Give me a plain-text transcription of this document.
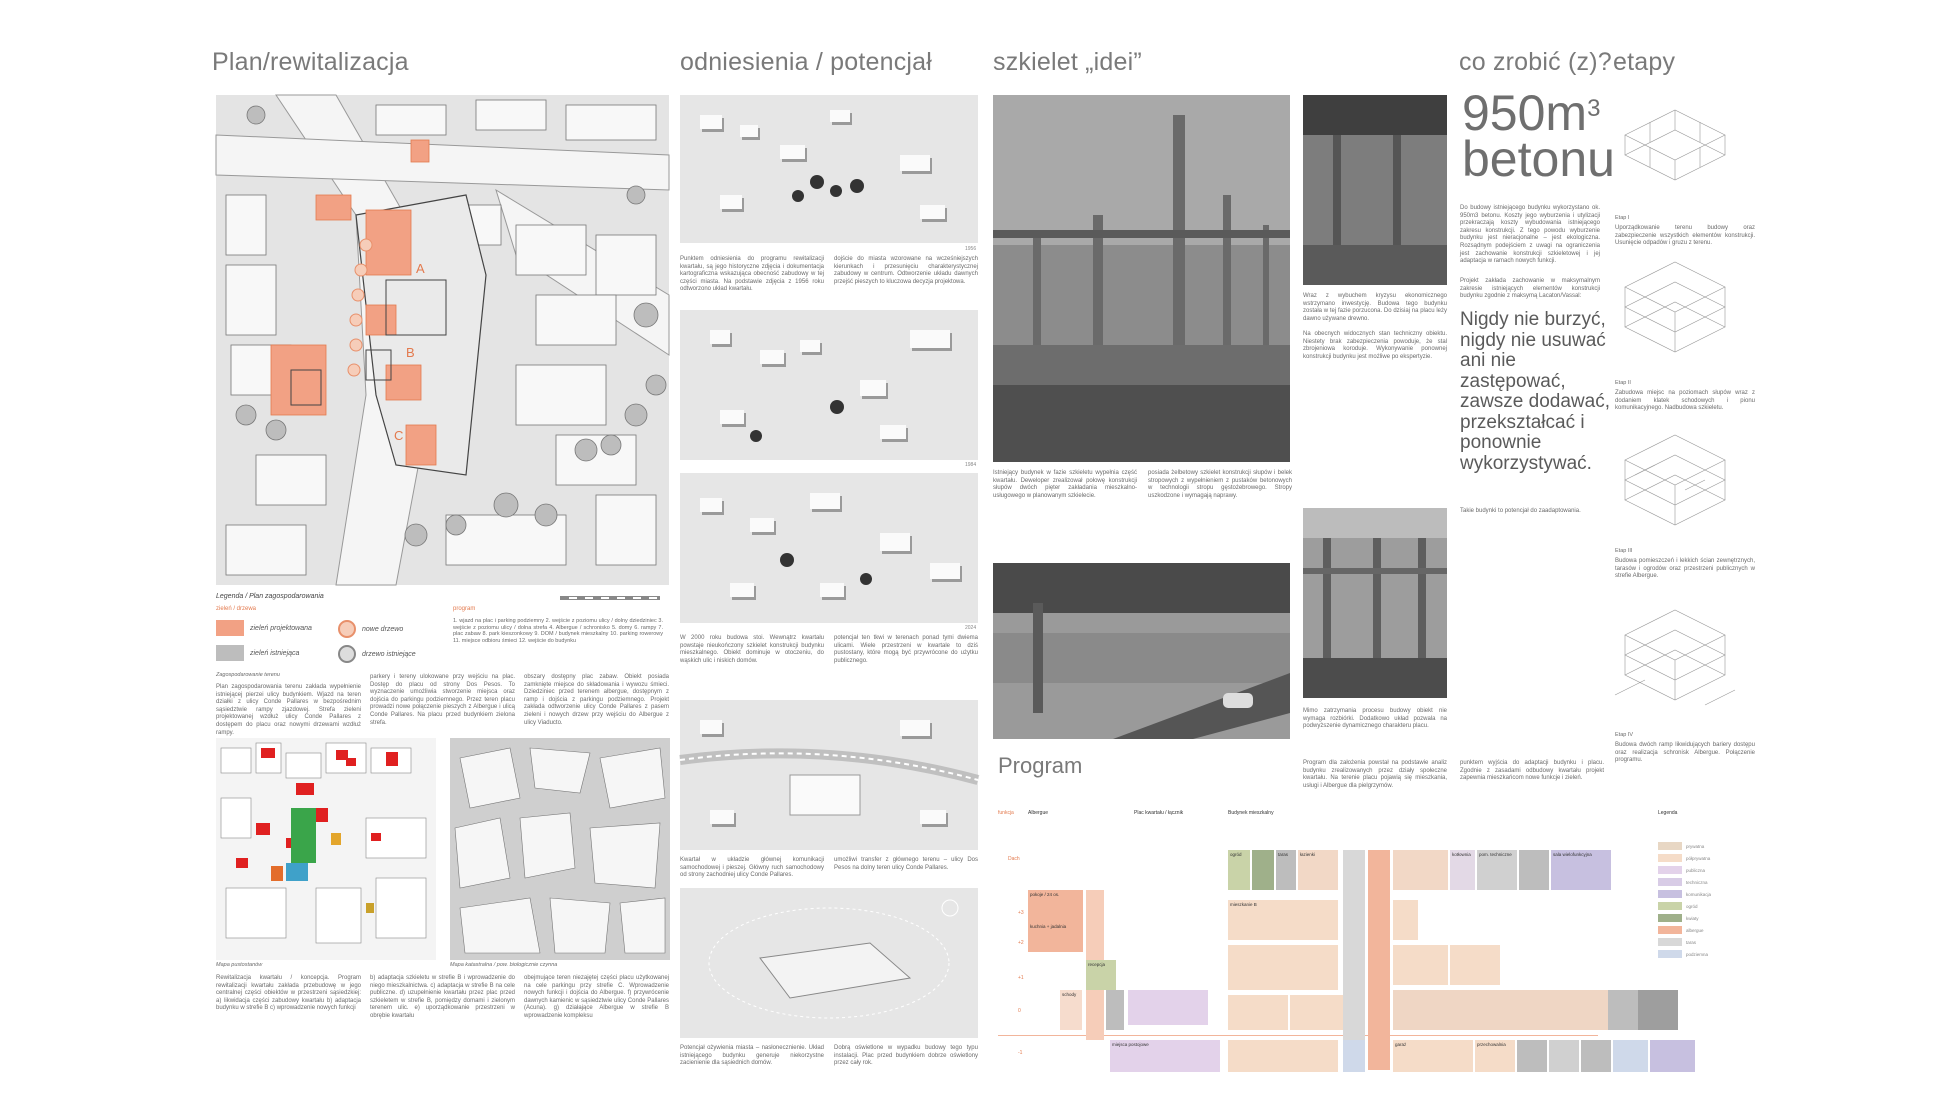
Plan/rewitalizacja	odniesienia / potencjał szkielet „idei”	co zrobić (z)? etapy
A
B
C
Legenda / Plan zagospodarowania
zieleń / drzewa	program
zieleń projektowana
zieleń istniejąca
nowe drzewo
drzewo istniejące
1. wjazd na plac i parking podziemny 2. wejście z poziomu ulicy / dolny dziedziniec 3. wejście z poziomu ulicy / dolna strefa 4. Albergue / schronisko 5. domy 6. rampy 7. plac zabaw 8. park kieszonkowy 9. DOM / budynek mieszkalny 10. parking rowerowy 11. miejsce odbioru śmieci 12. wejście do budynku
Zagospodarowanie terenu
Plan zagospodarowania terenu zakłada wypełnienie istniejącej pierzei ulicy budynkiem. Wjazd na teren działki z ulicy Conde Pallares w bezpośrednim sąsiedztwie rampy zjazdowej. Strefa zieleni projektowanej wzdłuż ulicy Conde Pallares z dostępem do placu oraz nowymi drzewami wzdłuż rampy.
parkery i tereny ulokowane przy wejściu na plac. Dostęp do placu od strony Dos Pesos. To wyznaczenie umożliwia stworzenie miejsca oraz dojścia do parkingu podziemnego. Przez teren placu prowadzi nowe połączenie pieszych z Albergue i ulicą Conde Pallares. Na placu przed budynkiem zielona strefa.
obszary dostępny plac zabaw. Obiekt posiada zamknięte miejsce do składowania i wywozu śmieci. Dziedziniec przed terenem albergue, dostępnym z ramp i dojścia z parkingu podziemnego. Projekt zakłada odtworzenie ulicy Conde Pallares z pasem zieleni i nowych drzew przy wejściu do Albergue z ulicy Viaducto.
Mapa pustostanów	Mapa katastralna / pow. biologicznie czynna
Rewitalizacja kwartału / koncepcja. Program rewitalizacji kwartału zakłada przebudowę w jego centralnej części obiektów w przestrzeni sąsiedzkiej: a) likwidacja części zabudowy kwartału b) adaptacja budynku w strefie B c) wprowadzenie nowych funkcji
b) adaptacja szkieletu w strefie B i wprowadzenie do niego mieszkalnictwa. c) adaptacja w strefie B na cele publiczne. d) uzupełnienie kwartału przez plac przed szkieletem w strefie B, pomiędzy domami i zielonym terenem ulic. e) uporządkowanie przestrzeni w obrębie kwartału
obejmujące teren niezajętej części placu użytkowanej na cele parkingu przy strefie C. Wprowadzenie nowych funkcji i dojścia do Albergue. f) przywrócenie dawnych kamienic w sąsiedztwie ulicy Conde Pallares (Acuna). g) działające Albergue w strefie B wprowadzenie kompleksu
1956
Punktem odniesienia do programu rewitalizacji kwartału, są jego historyczne zdjęcia i dokumentacja kartograficzna wskazująca obecność zabudowy w tej części miasta. Na podstawie zdjęcia z 1956 roku odtworzono układ kwartału.
dojście do miasta wzorowane na wcześniejszych kierunkach i przesunięciu charakterystycznej zabudowy w centrum. Odtworzenie układu dawnych przejść pieszych to kluczowa decyzja projektowa.
1984
2024
W 2000 roku budowa stoi. Wewnątrz kwartału powstaje nieukończony szkielet konstrukcji budynku mieszkalnego. Obiekt dominuje w otoczeniu, do wąskich ulic i niskich domów.
potencjał ten tkwi w terenach ponad tymi dwiema ulicami. Wiele przestrzeni w kwartale to dziś pustostany, które mogą być przywrócone do użytku publicznego.
Kwartał w układzie głównej komunikacji samochodowej i pieszej. Główny ruch samochodowy od strony zachodniej ulicy Conde Pallares.
umożliwi transfer z głównego terenu – ulicy Dos Pesos na dolny teren ulicy Conde Pallares.
Potencjał ożywienia miasta – nasłonecznienie. Układ istniejącego budynku generuje niekorzystne zacienienie dla sąsiednich domów.
Dobrą oświetlone w wypadku budowy tego typu instalacji. Plac przed budynkiem dobrze oświetlony przez cały rok.
Istniejący budynek w fazie szkieletu wypełnia część kwartału. Deweloper zrealizował połowę konstrukcji słupów dwóch pięter zakładania mieszkalno-usługowego w planowanym szkielecie.
posiada żelbetowy szkielet konstrukcji słupów i belek stropowych z wypełnieniem z pustaków betonowych w technologii stropu gęstożebrowego. Stropy uszkodzone i wymagają naprawy.
Wraz z wybuchem kryzysu ekonomicznego wstrzymano inwestycję. Budowa tego budynku została w tej fazie porzucona. Do dzisiaj na placu leży dawno używane drewno.

Na obecnych widocznych stan techniczny obiektu. Niestety brak zabezpieczenia powoduje, że stal zbrojeniowa koroduje. Wykonywanie ponownej konstrukcji budynku jest możliwe po ekspertyzie.
Mimo zatrzymania procesu budowy obiekt nie wymaga rozbiórki. Dodatkowo układ pozwala na podwyższenie dynamicznego charakteru placu.
$950m^3$
betonu
Do budowy istniejącego budynku wykorzystano ok. 950m3 betonu. Koszty jego wyburzenia i utylizacji przekraczają koszty wybudowania istniejącego zakresu konstrukcji. Z tego powodu wyburzenie budynku jest nieracjonalne – jest ekologiczna. Rozsądnym podejściem z uwagi na ograniczenia jest zachowanie konstrukcji szkieletowej i jej adaptacja w ramach nowych funkcji.
Projekt zakłada zachowanie w maksymalnym zakresie istniejących elementów konstrukcji budynku zgodnie z maksymą Lacaton/Vassal:
Nigdy nie burzyć, nigdy nie usuwać ani nie zastępować, zawsze dodawać, przekształcać i ponownie wykorzystywać.
Takie budynki to potencjał do zaadaptowania.
Etap I
Uporządkowanie terenu budowy oraz zabezpieczenie wszystkich elementów konstrukcji. Usunięcie odpadów i gruzu z terenu.
Etap II
Zabudowa miejsc na poziomach słupów wraz z dodaniem klatek schodowych i pionu komunikacyjnego. Nadbudowa szkieletu.
Etap III
Budowa pomieszczeń i lekkich ścian zewnętrznych, tarasów i ogrodów oraz przestrzeni publicznych w strefie Albergue.
Etap IV
Budowa dwóch ramp likwidujących bariery dostępu oraz realizacja schronisk Albergue. Połączenie programu.
Program	Program dla założenia powstał na podstawie analiz budynku zrealizowanych przez działy społeczne kwartału. Na terenie placu pojawią się mieszkania, usługi i Albergue dla pielgrzymów.
punktem wyjścia do adaptacji budynku i placu. Zgodnie z zasadami odbudowy kwartału projekt zapewnia mieszkańcom nowe funkcje i zieleń.
funkcja	Albergue	Plac kwartału / łącznik	Budynek mieszkalny
Dach
+3
+2
+1
0
-1
pokoje / 24 os.
kuchnia + jadalnia
recepcja
schody
miejsca postojowe
ogród	taras	łazienki
mieszkanie B
kotłownia	pom. techniczne	sala wielofunkcyjna
garaż	przechowalnia
Legenda
prywatna
półprywatna
publiczna
techniczna
komunikacja
ogród
kwiaty
albergue
taras
podziemna
